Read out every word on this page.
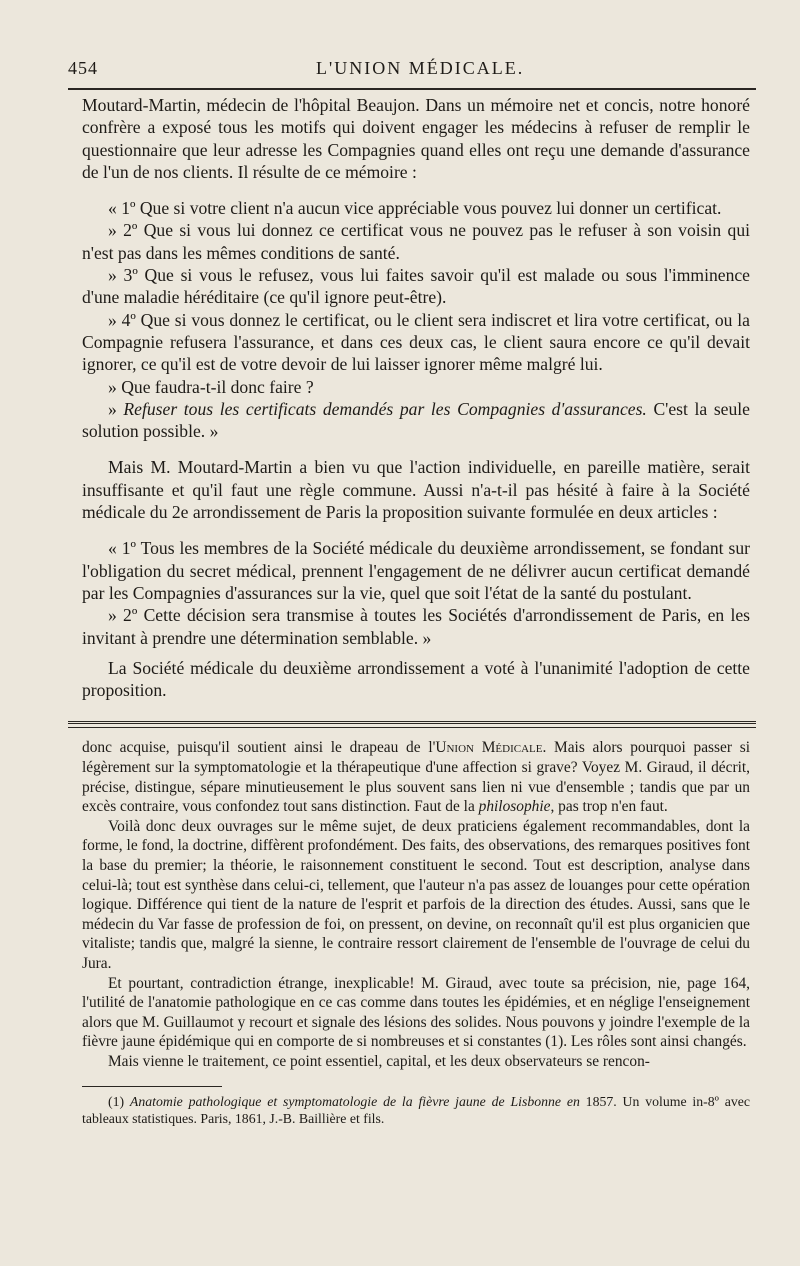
454	L'UNION MÉDICALE.

Moutard-Martin, médecin de l'hôpital Beaujon. Dans un mémoire net et concis, notre honoré confrère a exposé tous les motifs qui doivent engager les médecins à refuser de remplir le questionnaire que leur adresse les Compagnies quand elles ont reçu une demande d'assurance de l'un de nos clients. Il résulte de ce mémoire :

« 1º Que si votre client n'a aucun vice appréciable vous pouvez lui donner un certificat.

» 2º Que si vous lui donnez ce certificat vous ne pouvez pas le refuser à son voisin qui n'est pas dans les mêmes conditions de santé.

» 3º Que si vous le refusez, vous lui faites savoir qu'il est malade ou sous l'imminence d'une maladie héréditaire (ce qu'il ignore peut-être).

» 4º Que si vous donnez le certificat, ou le client sera indiscret et lira votre certificat, ou la Compagnie refusera l'assurance, et dans ces deux cas, le client saura encore ce qu'il devait ignorer, ce qu'il est de votre devoir de lui laisser ignorer même malgré lui.

» Que faudra-t-il donc faire ?

» Refuser tous les certificats demandés par les Compagnies d'assurances. C'est la seule solution possible. »

Mais M. Moutard-Martin a bien vu que l'action individuelle, en pareille matière, serait insuffisante et qu'il faut une règle commune. Aussi n'a-t-il pas hésité à faire à la Société médicale du 2e arrondissement de Paris la proposition suivante formulée en deux articles :

« 1º Tous les membres de la Société médicale du deuxième arrondissement, se fondant sur l'obligation du secret médical, prennent l'engagement de ne délivrer aucun certificat demandé par les Compagnies d'assurances sur la vie, quel que soit l'état de la santé du postulant.

» 2º Cette décision sera transmise à toutes les Sociétés d'arrondissement de Paris, en les invitant à prendre une détermination semblable. »

La Société médicale du deuxième arrondissement a voté à l'unanimité l'adoption de cette proposition.

donc acquise, puisqu'il soutient ainsi le drapeau de l'Union Médicale. Mais alors pourquoi passer si légèrement sur la symptomatologie et la thérapeutique d'une affection si grave? Voyez M. Giraud, il décrit, précise, distingue, sépare minutieusement le plus souvent sans lien ni vue d'ensemble ; tandis que par un excès contraire, vous confondez tout sans distinction. Faut de la philosophie, pas trop n'en faut.

Voilà donc deux ouvrages sur le même sujet, de deux praticiens également recommandables, dont la forme, le fond, la doctrine, diffèrent profondément. Des faits, des observations, des remarques positives font la base du premier; la théorie, le raisonnement constituent le second. Tout est description, analyse dans celui-là; tout est synthèse dans celui-ci, tellement, que l'auteur n'a pas assez de louanges pour cette opération logique. Différence qui tient de la nature de l'esprit et parfois de la direction des études. Aussi, sans que le médecin du Var fasse de profession de foi, on pressent, on devine, on reconnaît qu'il est plus organicien que vitaliste; tandis que, malgré la sienne, le contraire ressort clairement de l'ensemble de l'ouvrage de celui du Jura.

Et pourtant, contradiction étrange, inexplicable! M. Giraud, avec toute sa précision, nie, page 164, l'utilité de l'anatomie pathologique en ce cas comme dans toutes les épidémies, et en néglige l'enseignement alors que M. Guillaumot y recourt et signale des lésions des solides. Nous pouvons y joindre l'exemple de la fièvre jaune épidémique qui en comporte de si nombreuses et si constantes (1). Les rôles sont ainsi changés.

Mais vienne le traitement, ce point essentiel, capital, et les deux observateurs se rencon-

(1) Anatomie pathologique et symptomatologie de la fièvre jaune de Lisbonne en 1857. Un volume in-8º avec tableaux statistiques. Paris, 1861, J.-B. Baillière et fils.
